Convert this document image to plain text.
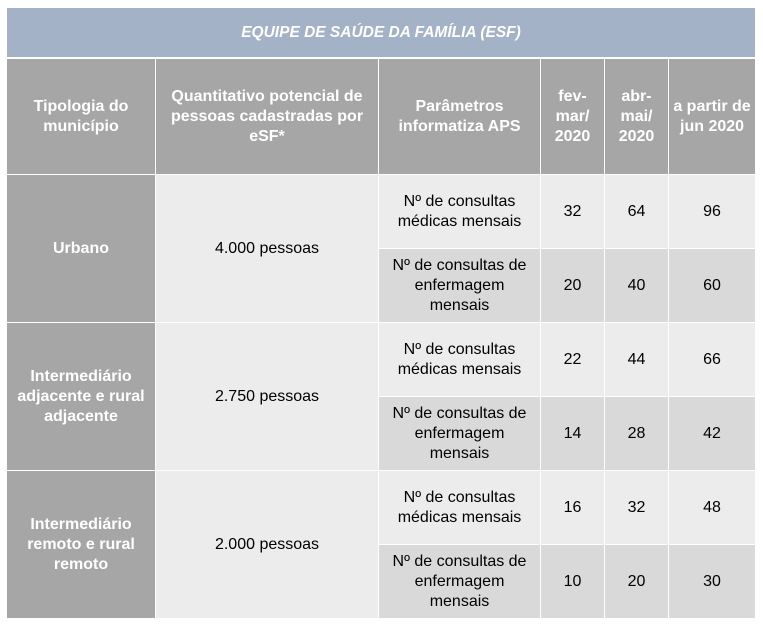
EQUIPE DE SAÚDE DA FAMÍLIA (ESF)					
Tipologia do município	Quantitativo potencial de pessoas cadastradas por eSF*	Parâmetros informatiza APS	fev-mar/ 2020	abr-mai/ 2020	a partir de jun 2020
Urbano	4.000 pessoas	Nº de consultas médicas mensais	32	64	96
		Nº de consultas de enfermagem mensais	20	40	60
Intermediário adjacente e rural adjacente	2.750 pessoas	Nº de consultas médicas mensais	22	44	66
		Nº de consultas de enfermagem mensais	14	28	42
Intermediário remoto e rural remoto	2.000 pessoas	Nº de consultas médicas mensais	16	32	48
		Nº de consultas de enfermagem mensais	10	20	30
